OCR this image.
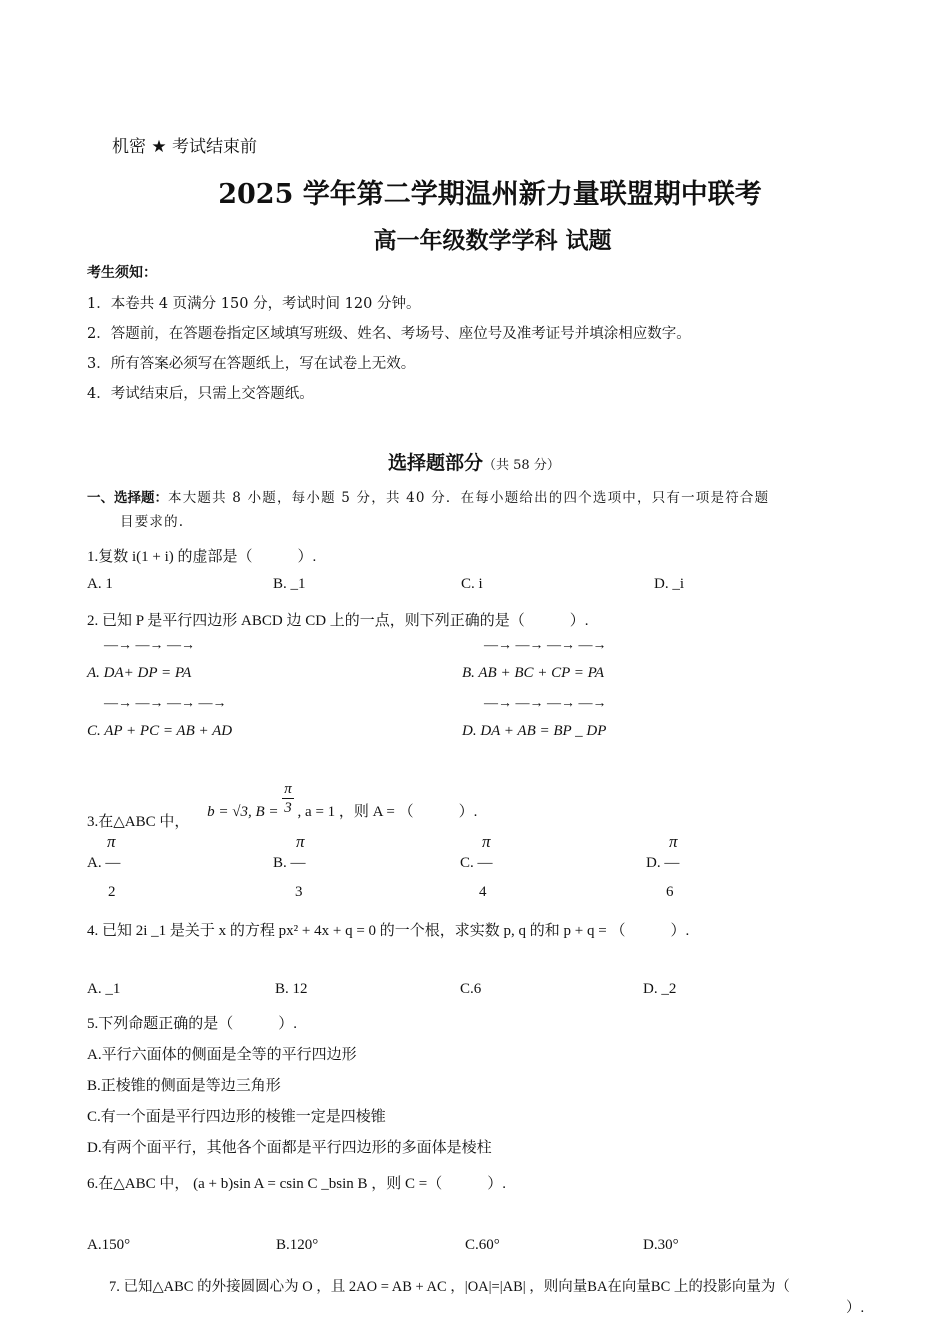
机密 ★ 考试结束前
2025 学年第二学期温州新力量联盟期中联考
高一年级数学学科 试题
考生须知：
1．本卷共 4 页满分 150 分，考试时间 120 分钟。
2．答题前，在答题卷指定区域填写班级、姓名、考场号、座位号及准考证号并填涂相应数字。
3．所有答案必须写在答题纸上，写在试卷上无效。
4．考试结束后，只需上交答题纸。
选择题部分（共 58 分）
一、选择题：本大题共 8 小题，每小题 5 分，共 40 分．在每小题给出的四个选项中，只有一项是符合题
目要求的.
1.复数 i(1 + i) 的虚部是（　　　）.
A. 1	B. _1	C. i	D. _i
2. 已知 P 是平行四边形 ABCD 边 CD 上的一点，则下列正确的是（　　　）.
—→ —→ —→
A. DA+ DP = PA
—→ —→ —→ —→
B. AB + BC + CP = PA
—→ —→ —→ —→
C. AP + PC = AB + AD
—→ —→ —→ —→
D. DA + AB = BP _ DP
3.在△ABC 中， b = √3, $B = \frac{\pi}{3}$ , a = 1 ，则 A = （　　　）.
π
A. —
2
π
B. —
3
π
C. —
4
π
D. —
6
4. 已知 2i _1 是关于 x 的方程 px² + 4x + q = 0 的一个根，求实数 p, q 的和 p + q = （　　　）.
A. _1	B. 12	C.6	D. _2
5.下列命题正确的是（　　　）.
A.平行六面体的侧面是全等的平行四边形
B.正棱锥的侧面是等边三角形
C.有一个面是平行四边形的棱锥一定是四棱锥
D.有两个面平行，其他各个面都是平行四边形的多面体是棱柱
6.在△ABC 中， (a + b)sin A = csin C _bsin B ，则 C =（　　　）.
A.150°	B.120°	C.60°	D.30°
7. 已知△ABC 的外接圆圆心为 O ，且 2AO = AB + AC ，|OA|=|AB| ，则向量BA在向量BC 上的投影向量为（
）.
